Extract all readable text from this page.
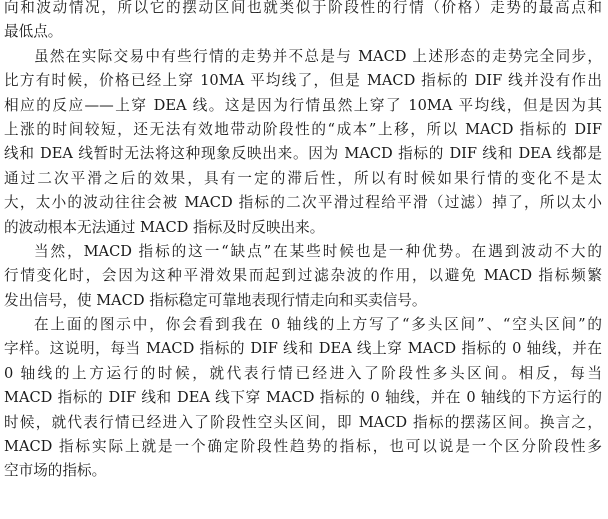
向和波动情况，所以它的摆动区间也就类似于阶段性的行情（价格）走势的最高点和
最低点。
虽然在实际交易中有些行情的走势并不总是与 MACD 上述形态的走势完全同步，
比方有时候，价格已经上穿 10MA 平均线了，但是 MACD 指标的 DIF 线并没有作出
相应的反应——上穿 DEA 线。这是因为行情虽然上穿了 10MA 平均线，但是因为其
上涨的时间较短，还无法有效地带动阶段性的“成本”上移，所以 MACD 指标的 DIF
线和 DEA 线暂时无法将这种现象反映出来。因为 MACD 指标的 DIF 线和 DEA 线都是
通过二次平滑之后的效果，具有一定的滞后性，所以有时候如果行情的变化不是太
大，太小的波动往往会被 MACD 指标的二次平滑过程给平滑（过滤）掉了，所以太小
的波动根本无法通过 MACD 指标及时反映出来。
当然，MACD 指标的这一“缺点”在某些时候也是一种优势。在遇到波动不大的
行情变化时，会因为这种平滑效果而起到过滤杂波的作用，以避免 MACD 指标频繁
发出信号，使 MACD 指标稳定可靠地表现行情走向和买卖信号。
在上面的图示中，你会看到我在 0 轴线的上方写了“多头区间”、“空头区间”的
字样。这说明，每当 MACD 指标的 DIF 线和 DEA 线上穿 MACD 指标的 0 轴线，并在
0 轴线的上方运行的时候，就代表行情已经进入了阶段性多头区间。相反，每当
MACD 指标的 DIF 线和 DEA 线下穿 MACD 指标的 0 轴线，并在 0 轴线的下方运行的
时候，就代表行情已经进入了阶段性空头区间，即 MACD 指标的摆荡区间。换言之，
MACD 指标实际上就是一个确定阶段性趋势的指标，也可以说是一个区分阶段性多
空市场的指标。
